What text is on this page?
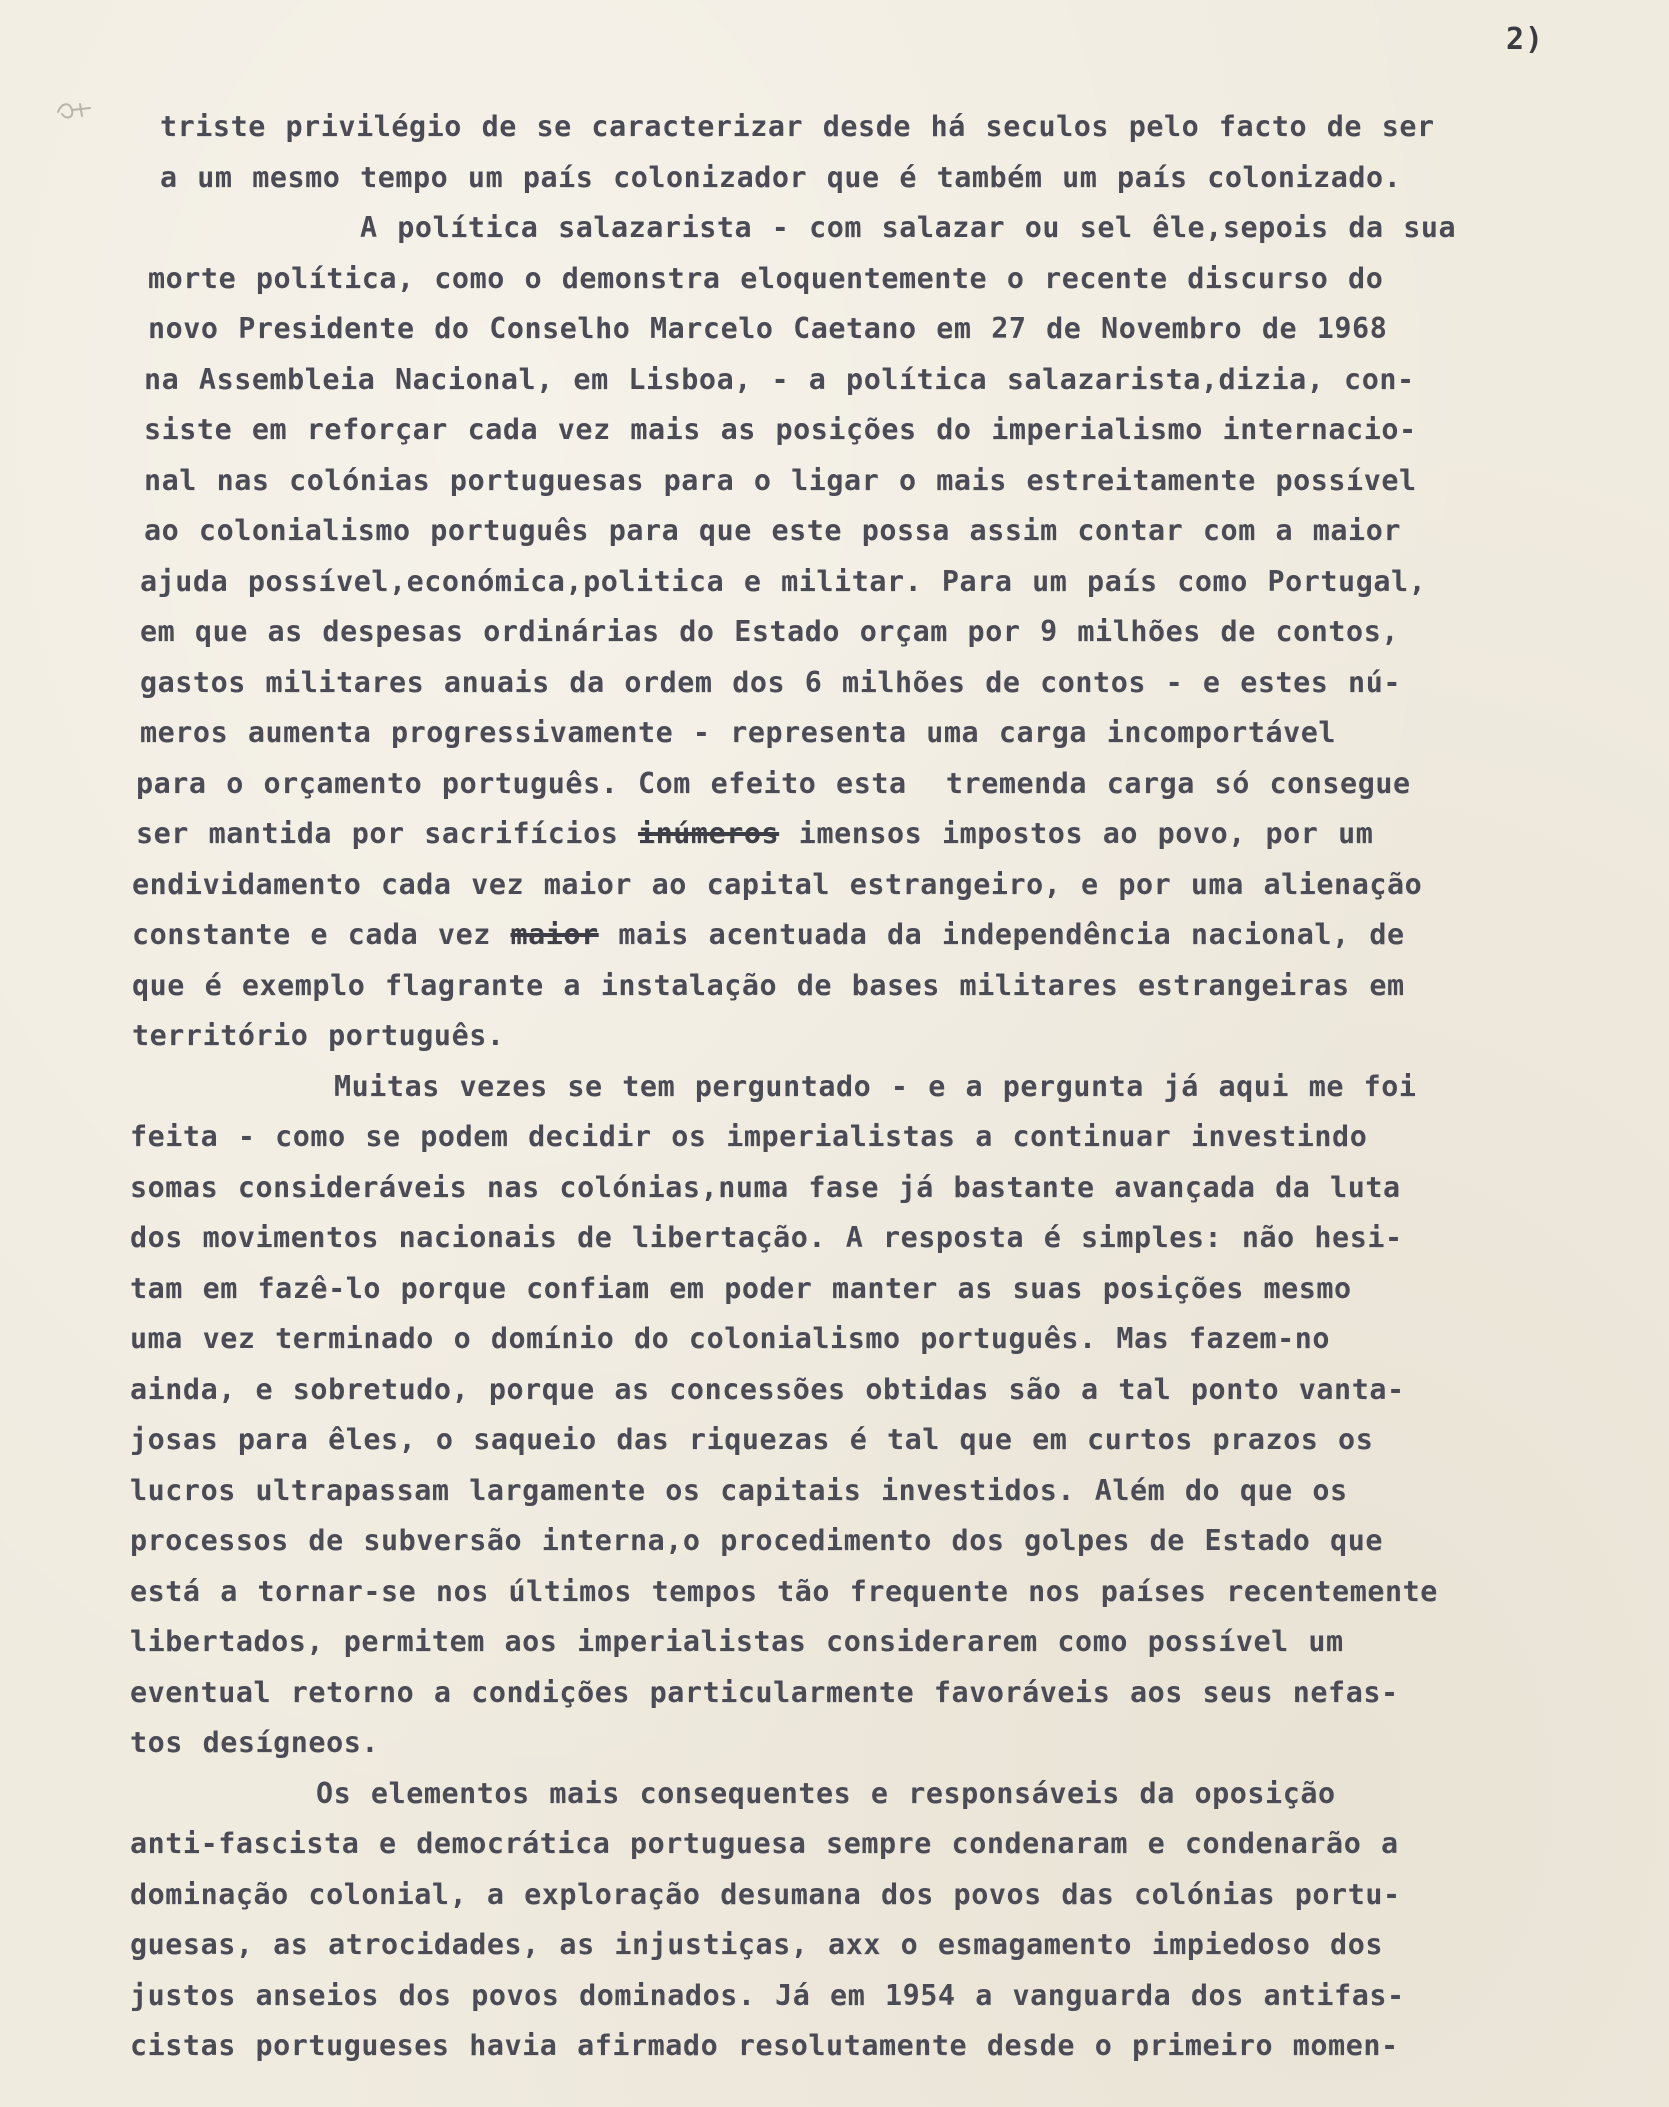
2)
triste privilégio de se caracterizar desde há seculos pelo facto de ser
a um mesmo tempo um país colonizador que é também um país colonizado.
A política salazarista - com salazar ou sel êle,sepois da sua
morte política, como o demonstra eloquentemente o recente discurso do
novo Presidente do Conselho Marcelo Caetano em 27 de Novembro de 1968
na Assembleia Nacional, em Lisboa, - a política salazarista,dizia, con-
siste em reforçar cada vez mais as posições do imperialismo internacio-
nal nas colónias portuguesas para o ligar o mais estreitamente possível
ao colonialismo português para que este possa assim contar com a maior
ajuda possível,económica,politica e militar. Para um país como Portugal,
em que as despesas ordinárias do Estado orçam por 9 milhões de contos,
gastos militares anuais da ordem dos 6 milhões de contos - e estes nú-
meros aumenta progressivamente - representa uma carga incomportável
para o orçamento português. Com efeito esta  tremenda carga só consegue
ser mantida por sacrifícios inúmeros imensos impostos ao povo, por um
endividamento cada vez maior ao capital estrangeiro, e por uma alienação
constante e cada vez maior mais acentuada da independência nacional, de
que é exemplo flagrante a instalação de bases militares estrangeiras em
território português.
Muitas vezes se tem perguntado - e a pergunta já aqui me foi
feita - como se podem decidir os imperialistas a continuar investindo
somas consideráveis nas colónias,numa fase já bastante avançada da luta
dos movimentos nacionais de libertação. A resposta é simples: não hesi-
tam em fazê-lo porque confiam em poder manter as suas posições mesmo
uma vez terminado o domínio do colonialismo português. Mas fazem-no
ainda, e sobretudo, porque as concessões obtidas são a tal ponto vanta-
josas para êles, o saqueio das riquezas é tal que em curtos prazos os
lucros ultrapassam largamente os capitais investidos. Além do que os
processos de subversão interna,o procedimento dos golpes de Estado que
está a tornar-se nos últimos tempos tão frequente nos países recentemente
libertados, permitem aos imperialistas considerarem como possível um
eventual retorno a condições particularmente favoráveis aos seus nefas-
tos desígneos.
Os elementos mais consequentes e responsáveis da oposição
anti-fascista e democrática portuguesa sempre condenaram e condenarão a
dominação colonial, a exploração desumana dos povos das colónias portu-
guesas, as atrocidades, as injustiças, axx o esmagamento impiedoso dos
justos anseios dos povos dominados. Já em 1954 a vanguarda dos antifas-
cistas portugueses havia afirmado resolutamente desde o primeiro momen-
